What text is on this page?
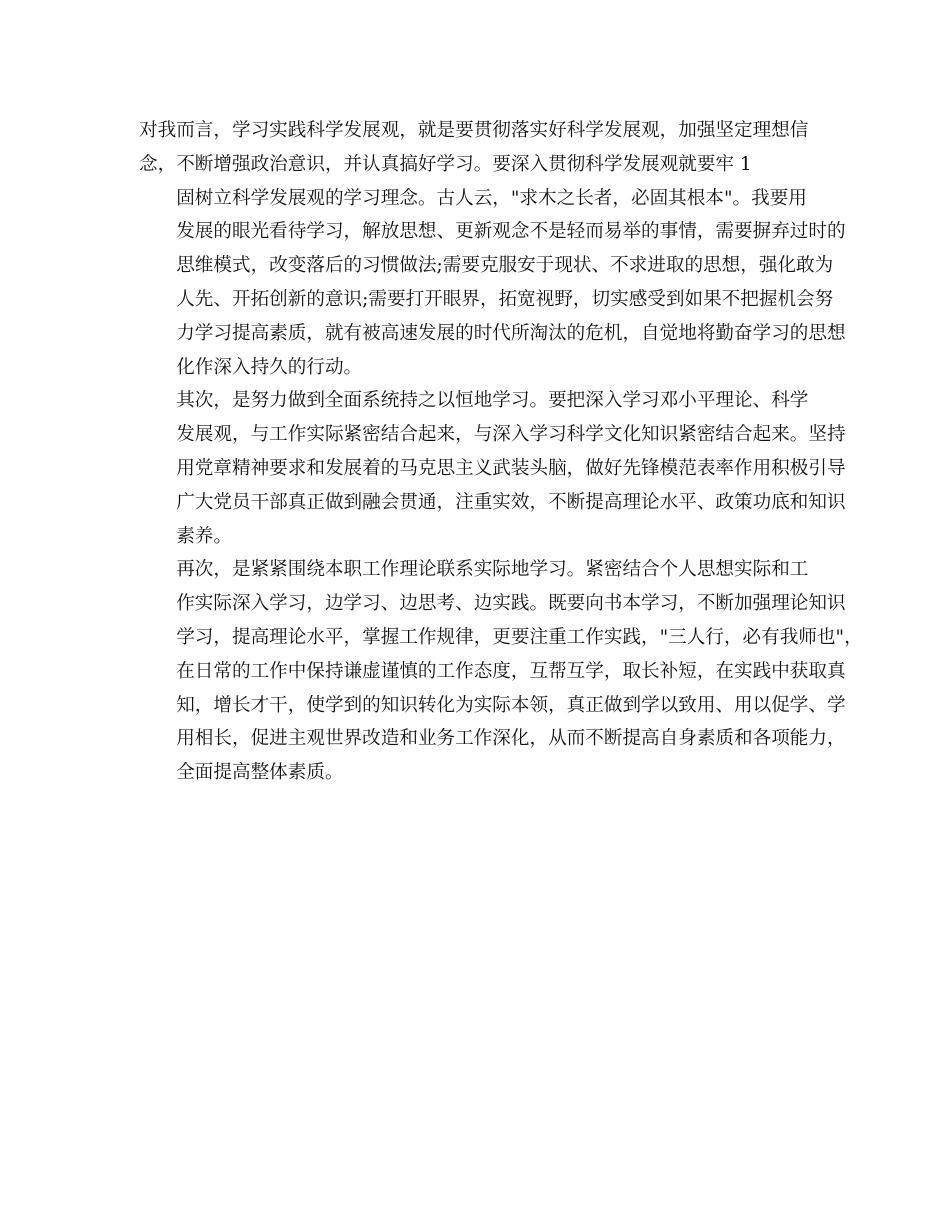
对我而言，学习实践科学发展观，就是要贯彻落实好科学发展观，加强坚定理想信
念，不断增强政治意识，并认真搞好学习。要深入贯彻科学发展观就要牢 1

固树立科学发展观的学习理念。古人云，"求木之长者，必固其根本"。我要用
发展的眼光看待学习，解放思想、更新观念不是轻而易举的事情，需要摒弃过时的
思维模式，改变落后的习惯做法;需要克服安于现状、不求进取的思想，强化敢为
人先、开拓创新的意识;需要打开眼界，拓宽视野，切实感受到如果不把握机会努
力学习提高素质，就有被高速发展的时代所淘汰的危机，自觉地将勤奋学习的思想
化作深入持久的行动。

其次，是努力做到全面系统持之以恒地学习。要把深入学习邓小平理论、科学
发展观，与工作实际紧密结合起来，与深入学习科学文化知识紧密结合起来。坚持
用党章精神要求和发展着的马克思主义武装头脑，做好先锋模范表率作用积极引导
广大党员干部真正做到融会贯通，注重实效，不断提高理论水平、政策功底和知识
素养。

再次，是紧紧围绕本职工作理论联系实际地学习。紧密结合个人思想实际和工
作实际深入学习，边学习、边思考、边实践。既要向书本学习，不断加强理论知识
学习，提高理论水平，掌握工作规律，更要注重工作实践，"三人行，必有我师也"，
在日常的工作中保持谦虚谨慎的工作态度，互帮互学，取长补短，在实践中获取真
知，增长才干，使学到的知识转化为实际本领，真正做到学以致用、用以促学、学
用相长，促进主观世界改造和业务工作深化，从而不断提高自身素质和各项能力，
全面提高整体素质。
